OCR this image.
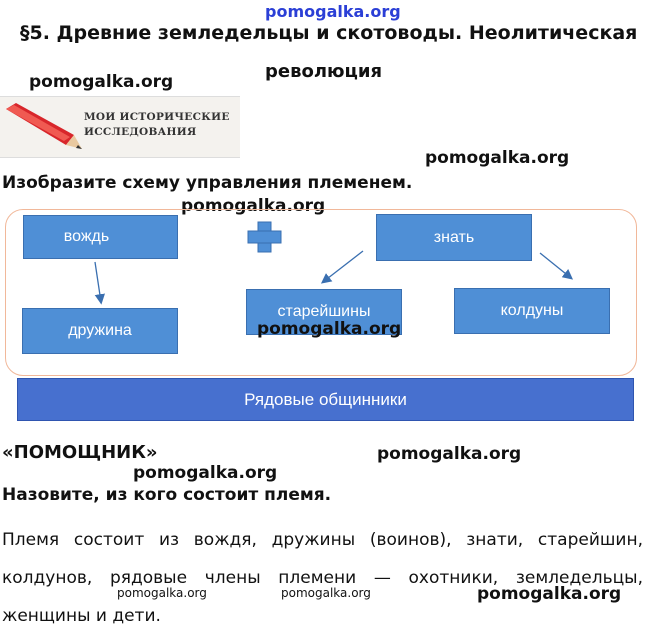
pomogalka.org
§5. Древние земледельцы и скотоводы. Неолитическая
революция
pomogalka.org
МОИ ИСТОРИЧЕСКИЕ
ИССЛЕДОВАНИЯ
pomogalka.org
Изобразите схему управления племенем.
pomogalka.org
вождь
дружина
знать
старейшины	колдуны
pomogalka.org
Рядовые общинники
«ПОМОЩНИК»	pomogalka.org
pomogalka.org
Назовите, из кого состоит племя.
Племя состоит из вождя, дружины (воинов), знати, старейшин, колдунов, рядовые члены племени — охотники, земледельцы, женщины и дети.
pomogalka.org	pomogalka.org	pomogalka.org
